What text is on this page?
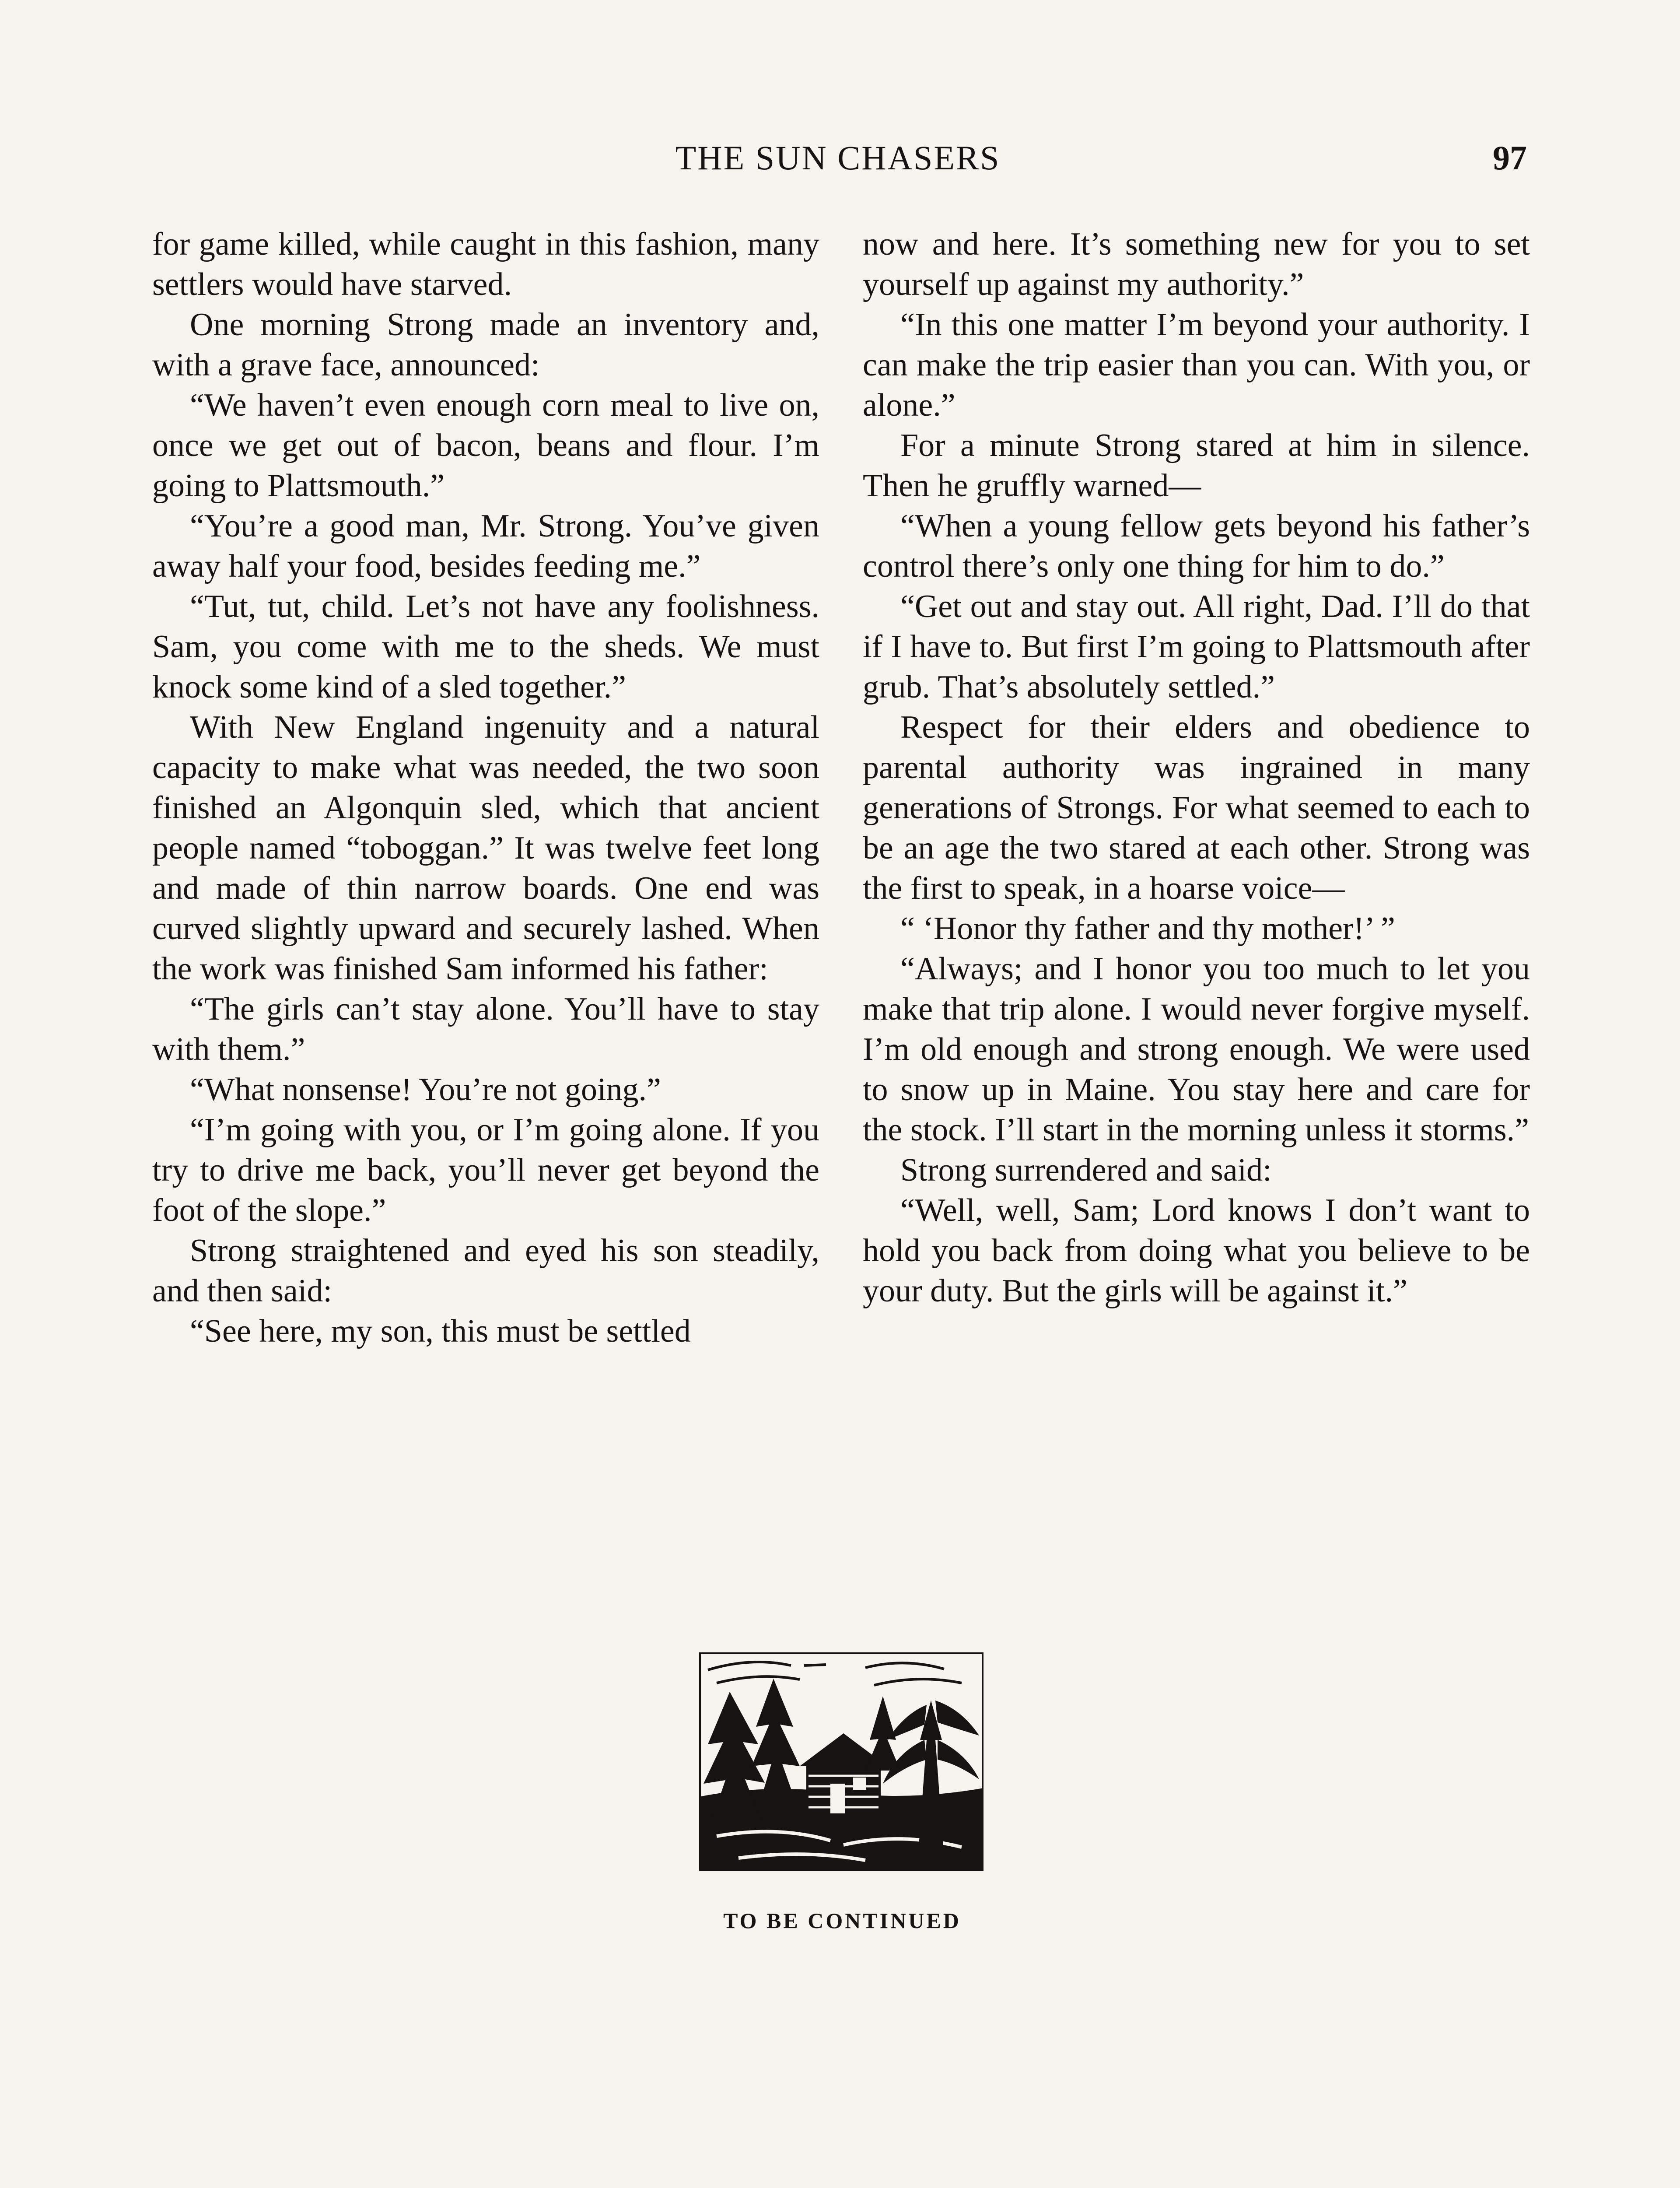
THE SUN CHASERS	97

for game killed, while caught in this fashion, many settlers would have starved.

One morning Strong made an inventory and, with a grave face, announced:

“We haven’t even enough corn meal to live on, once we get out of bacon, beans and flour. I’m going to Plattsmouth.”

“You’re a good man, Mr. Strong. You’ve given away half your food, besides feeding me.”

“Tut, tut, child. Let’s not have any foolishness. Sam, you come with me to the sheds. We must knock some kind of a sled together.”

With New England ingenuity and a natural capacity to make what was needed, the two soon finished an Algonquin sled, which that ancient people named “toboggan.” It was twelve feet long and made of thin narrow boards. One end was curved slightly upward and securely lashed. When the work was finished Sam informed his father:

“The girls can’t stay alone. You’ll have to stay with them.”

“What nonsense! You’re not going.”

“I’m going with you, or I’m going alone. If you try to drive me back, you’ll never get beyond the foot of the slope.”

Strong straightened and eyed his son steadily, and then said:

“See here, my son, this must be settled

now and here. It’s something new for you to set yourself up against my authority.”

“In this one matter I’m beyond your authority. I can make the trip easier than you can. With you, or alone.”

For a minute Strong stared at him in silence. Then he gruffly warned—

“When a young fellow gets beyond his father’s control there’s only one thing for him to do.”

“Get out and stay out. All right, Dad. I’ll do that if I have to. But first I’m going to Plattsmouth after grub. That’s absolutely settled.”

Respect for their elders and obedience to parental authority was ingrained in many generations of Strongs. For what seemed to each to be an age the two stared at each other. Strong was the first to speak, in a hoarse voice—

“ ‘Honor thy father and thy mother!’ ”

“Always; and I honor you too much to let you make that trip alone. I would never forgive myself. I’m old enough and strong enough. We were used to snow up in Maine. You stay here and care for the stock. I’ll start in the morning unless it storms.”

Strong surrendered and said:

“Well, well, Sam; Lord knows I don’t want to hold you back from doing what you believe to be your duty. But the girls will be against it.”

TO BE CONTINUED
